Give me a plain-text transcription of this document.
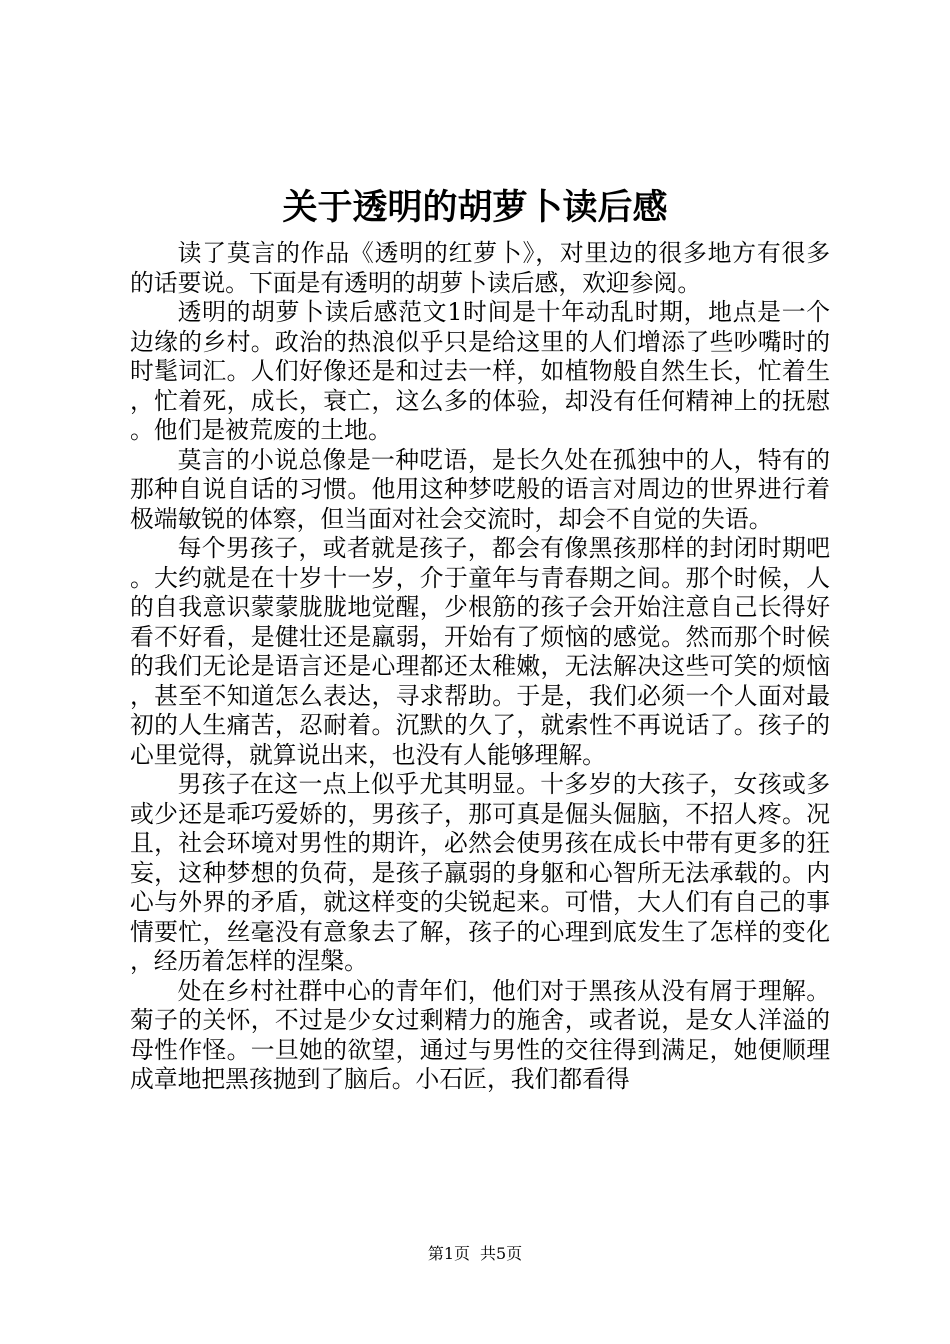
关于透明的胡萝卜读后感

读了莫言的作品《透明的红萝卜》，对里边的很多地方有很多的话要说。下面是有透明的胡萝卜读后感，欢迎参阅。

透明的胡萝卜读后感范文1时间是十年动乱时期，地点是一个边缘的乡村。政治的热浪似乎只是给这里的人们增添了些吵嘴时的时髦词汇。人们好像还是和过去一样，如植物般自然生长，忙着生，忙着死，成长，衰亡，这么多的体验，却没有任何精神上的抚慰。他们是被荒废的土地。

莫言的小说总像是一种呓语，是长久处在孤独中的人，特有的那种自说自话的习惯。他用这种梦呓般的语言对周边的世界进行着极端敏锐的体察，但当面对社会交流时，却会不自觉的失语。

每个男孩子，或者就是孩子，都会有像黑孩那样的封闭时期吧。大约就是在十岁十一岁，介于童年与青春期之间。那个时候，人的自我意识蒙蒙胧胧地觉醒，少根筋的孩子会开始注意自己长得好看不好看，是健壮还是羸弱，开始有了烦恼的感觉。然而那个时候的我们无论是语言还是心理都还太稚嫩，无法解决这些可笑的烦恼，甚至不知道怎么表达，寻求帮助。于是，我们必须一个人面对最初的人生痛苦，忍耐着。沉默的久了，就索性不再说话了。孩子的心里觉得，就算说出来，也没有人能够理解。

男孩子在这一点上似乎尤其明显。十多岁的大孩子，女孩或多或少还是乖巧爱娇的，男孩子，那可真是倔头倔脑，不招人疼。况且，社会环境对男性的期许，必然会使男孩在成长中带有更多的狂妄，这种梦想的负荷，是孩子羸弱的身躯和心智所无法承载的。内心与外界的矛盾，就这样变的尖锐起来。可惜，大人们有自己的事情要忙，丝毫没有意象去了解，孩子的心理到底发生了怎样的变化，经历着怎样的涅槃。

处在乡村社群中心的青年们，他们对于黑孩从没有屑于理解。菊子的关怀，不过是少女过剩精力的施舍，或者说，是女人洋溢的母性作怪。一旦她的欲望，通过与男性的交往得到满足，她便顺理成章地把黑孩抛到了脑后。小石匠，我们都看得

第1页 共5页
